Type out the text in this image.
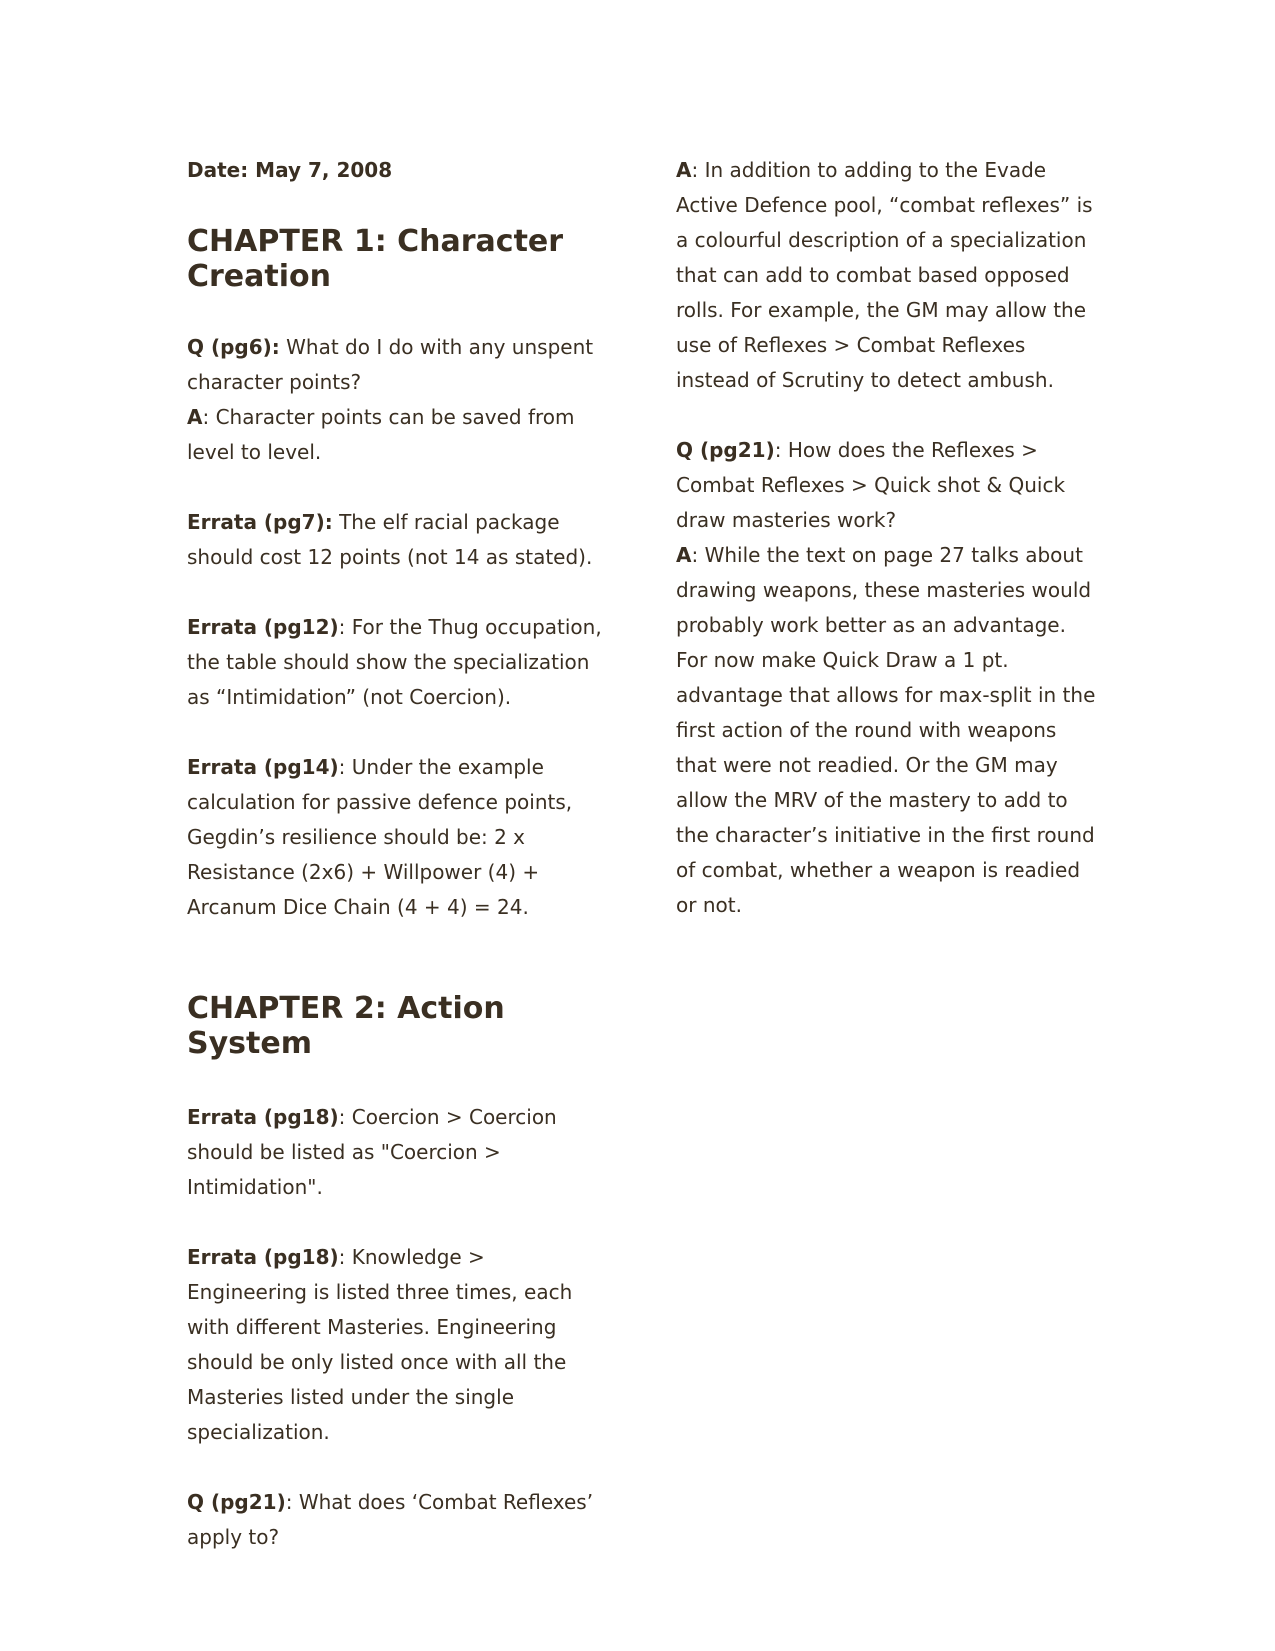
Date: May 7, 2008

CHAPTER 1: Character Creation

Q (pg6): What do I do with any unspent character points?

A: Character points can be saved from level to level.

Errata (pg7): The elf racial package should cost 12 points (not 14 as stated).

Errata (pg12): For the Thug occupation, the table should show the specialization as “Intimidation” (not Coercion).

Errata (pg14): Under the example calculation for passive defence points, Gegdin’s resilience should be: 2 x Resistance (2x6) + Willpower (4) + Arcanum Dice Chain (4 + 4) = 24.

CHAPTER 2: Action System

Errata (pg18): Coercion > Coercion should be listed as "Coercion > Intimidation".

Errata (pg18): Knowledge > Engineering is listed three times, each with different Masteries. Engineering should be only listed once with all the Masteries listed under the single specialization.

Q (pg21): What does ‘Combat Reflexes’ apply to?

A: In addition to adding to the Evade Active Defence pool, “combat reflexes” is a colourful description of a specialization that can add to combat based opposed rolls. For example, the GM may allow the use of Reflexes > Combat Reflexes instead of Scrutiny to detect ambush.

Q (pg21): How does the Reflexes > Combat Reflexes > Quick shot & Quick draw masteries work?

A: While the text on page 27 talks about drawing weapons, these masteries would probably work better as an advantage. For now make Quick Draw a 1 pt. advantage that allows for max-split in the first action of the round with weapons that were not readied. Or the GM may allow the MRV of the mastery to add to the character’s initiative in the first round of combat, whether a weapon is readied or not.
